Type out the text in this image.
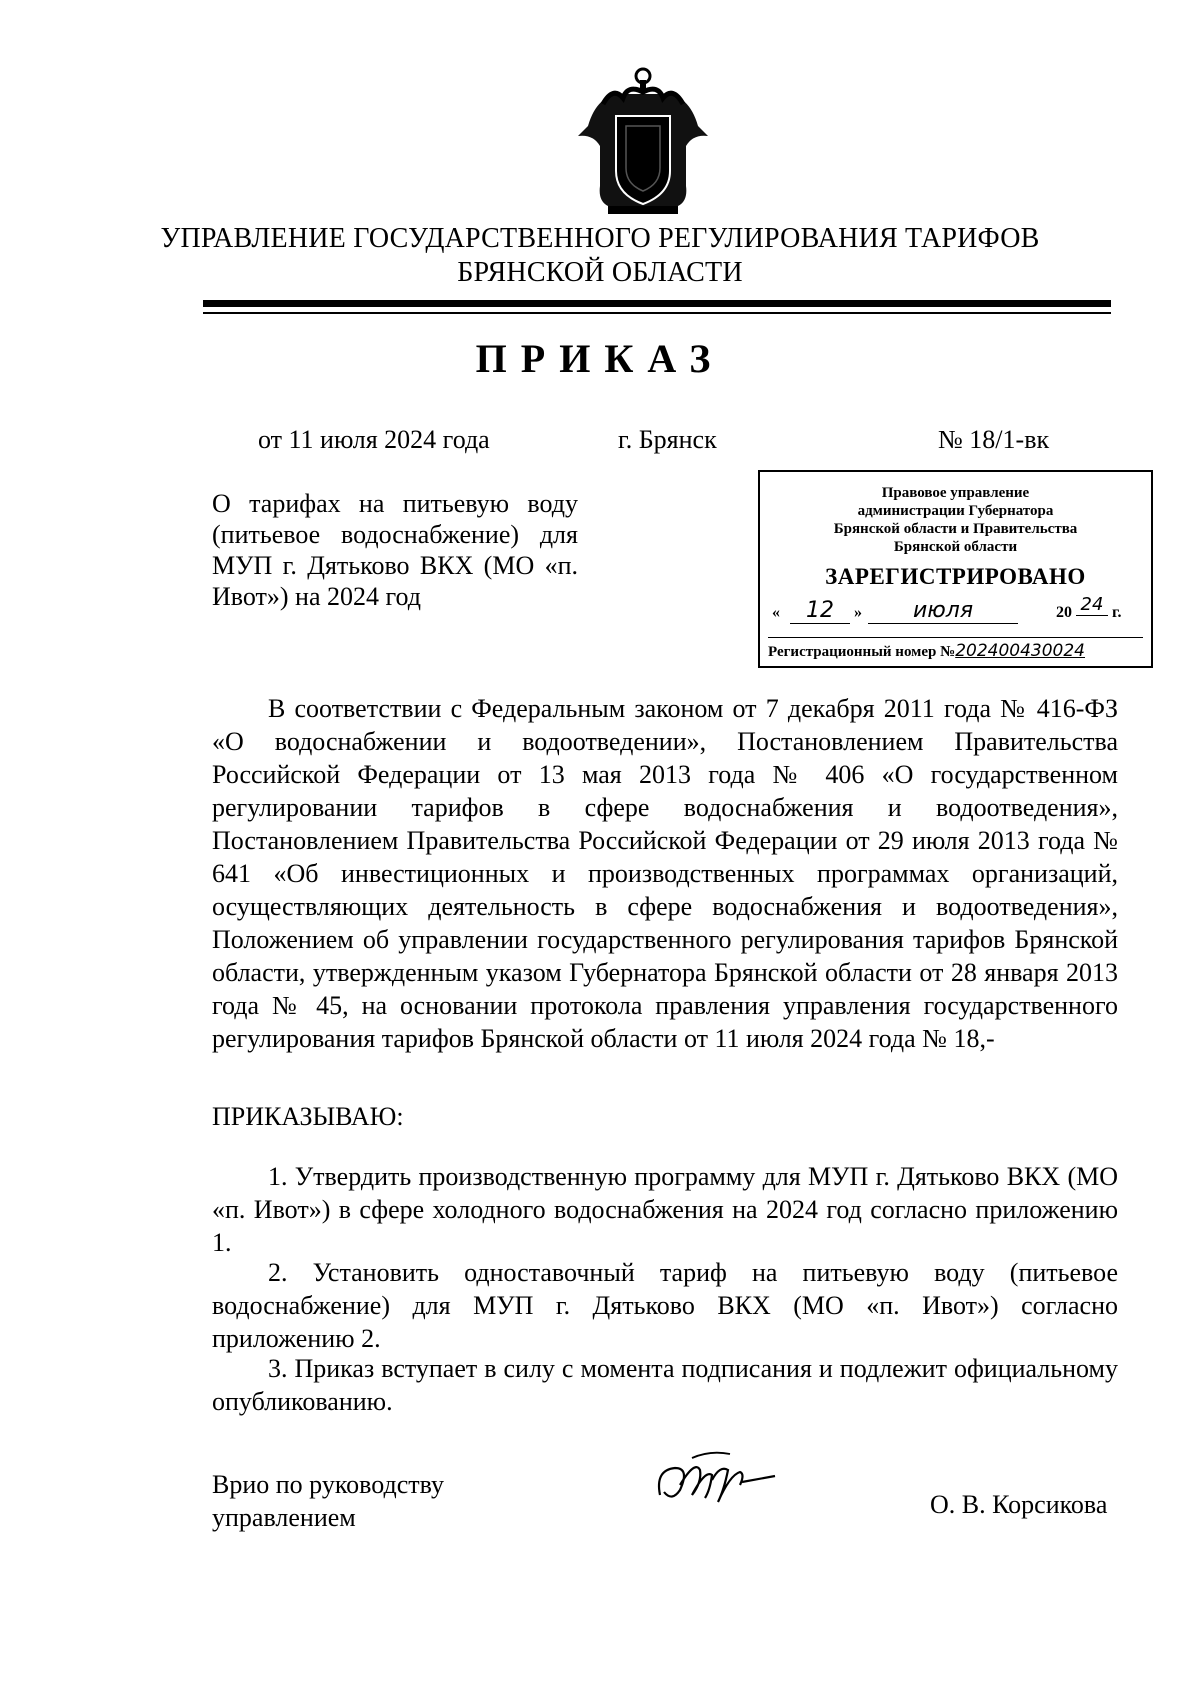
УПРАВЛЕНИЕ ГОСУДАРСТВЕННОГО РЕГУЛИРОВАНИЯ ТАРИФОВ
БРЯНСКОЙ ОБЛАСТИ
ПРИКАЗ
от 11 июля 2024 года	г. Брянск	№ 18/1-вк
О тарифах на питьевую воду (питьевое водоснабжение) для МУП г. Дятьково ВКХ (МО «п. Ивот») на 2024 год
Правовое управление
администрации Губернатора
Брянской области и Правительства
Брянской области
ЗАРЕГИСТРИРОВАНО
«	12	»	июля	20 24 г.
Регистрационный номер №202400430024
В соответствии с Федеральным законом от 7 декабря 2011 года № 416-ФЗ «О водоснабжении и водоотведении», Постановлением Правительства Российской Федерации от 13 мая 2013 года № 406 «О государственном регулировании тарифов в сфере водоснабжения и водоотведения», Постановлением Правительства Российской Федерации от 29 июля 2013 года № 641 «Об инвестиционных и производственных программах организаций, осуществляющих деятельность в сфере водоснабжения и водоотведения», Положением об управлении государственного регулирования тарифов Брянской области, утвержденным указом Губернатора Брянской области от 28 января 2013 года № 45, на основании протокола правления управления государственного регулирования тарифов Брянской области от 11 июля 2024 года № 18,-
ПРИКАЗЫВАЮ:
1. Утвердить производственную программу для МУП г. Дятьково ВКХ (МО «п. Ивот») в сфере холодного водоснабжения на 2024 год согласно приложению 1.
2. Установить одноставочный тариф на питьевую воду (питьевое водоснабжение) для МУП г. Дятьково ВКХ (МО «п. Ивот») согласно приложению 2.
3. Приказ вступает в силу с момента подписания и подлежит официальному опубликованию.
Врио по руководству
управлением	О. В. Корсикова
